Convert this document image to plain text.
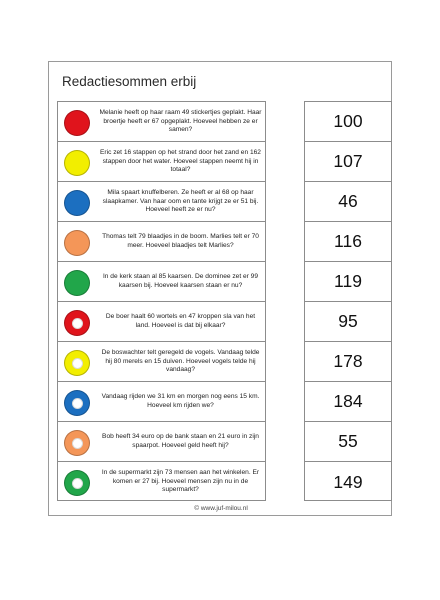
Redactiesommen erbij
Melanie heeft op haar raam 49 stickertjes geplakt. Haar broertje heeft er 67 opgeplakt. Hoeveel hebben ze er samen?
Eric zet 16 stappen op het strand door het zand en 162 stappen door het water. Hoeveel stappen neemt hij in totaal?
Mila spaart knuffelberen. Ze heeft er al 68 op haar slaapkamer. Van haar oom en tante krijgt ze er 51 bij. Hoeveel heeft ze er nu?
Thomas telt 79 blaadjes in de boom. Marlies telt er 70 meer. Hoeveel blaadjes telt Marlies?
In de kerk staan al 85 kaarsen. De dominee zet er 99 kaarsen bij. Hoeveel kaarsen staan er nu?
De boer haalt 60 wortels en 47 kroppen sla van het land. Hoeveel is dat bij elkaar?
De boswachter telt geregeld de vogels. Vandaag telde hij 80 merels en 15 duiven. Hoeveel vogels telde hij vandaag?
Vandaag rijden we 31 km en morgen nog eens 15 km. Hoeveel km rijden we?
Bob heeft 34 euro op de bank staan en 21 euro in zijn spaarpot. Hoeveel geld heeft hij?
In de supermarkt zijn 73 mensen aan het winkelen. Er komen er 27 bij. Hoeveel mensen zijn nu in de supermarkt?
100
107
46
116
119
95
178
184
55
149
© www.juf-milou.nl
